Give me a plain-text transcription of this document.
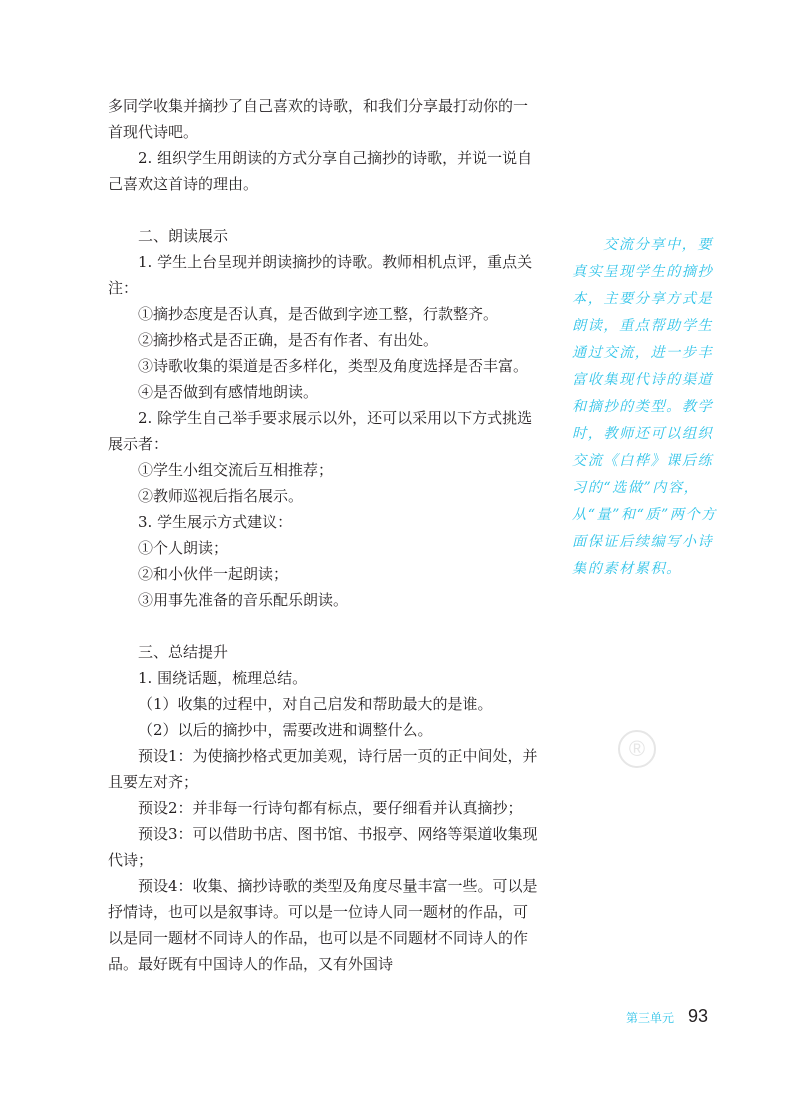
多同学收集并摘抄了自己喜欢的诗歌，和我们分享最打动你的一首现代诗吧。

2. 组织学生用朗读的方式分享自己摘抄的诗歌，并说一说自己喜欢这首诗的理由。

二、朗读展示

1. 学生上台呈现并朗读摘抄的诗歌。教师相机点评，重点关注：

①摘抄态度是否认真，是否做到字迹工整，行款整齐。

②摘抄格式是否正确，是否有作者、有出处。

③诗歌收集的渠道是否多样化，类型及角度选择是否丰富。

④是否做到有感情地朗读。

2. 除学生自己举手要求展示以外，还可以采用以下方式挑选展示者：

①学生小组交流后互相推荐；

②教师巡视后指名展示。

3. 学生展示方式建议：

①个人朗读；

②和小伙伴一起朗读；

③用事先准备的音乐配乐朗读。

三、总结提升

1. 围绕话题，梳理总结。

（1）收集的过程中，对自己启发和帮助最大的是谁。

（2）以后的摘抄中，需要改进和调整什么。

预设1：为使摘抄格式更加美观，诗行居一页的正中间处，并且要左对齐；

预设2：并非每一行诗句都有标点，要仔细看并认真摘抄；

预设3：可以借助书店、图书馆、书报亭、网络等渠道收集现代诗；

预设4：收集、摘抄诗歌的类型及角度尽量丰富一些。可以是抒情诗，也可以是叙事诗。可以是一位诗人同一题材的作品，可以是同一题材不同诗人的作品，也可以是不同题材不同诗人的作品。最好既有中国诗人的作品，又有外国诗

交流分享中，要真实呈现学生的摘抄本，主要分享方式是朗读，重点帮助学生通过交流，进一步丰富收集现代诗的渠道和摘抄的类型。教学时，教师还可以组织交流《白桦》课后练习的“选做”内容，从“量”和“质”两个方面保证后续编写小诗集的素材累积。

®
第三单元 93
